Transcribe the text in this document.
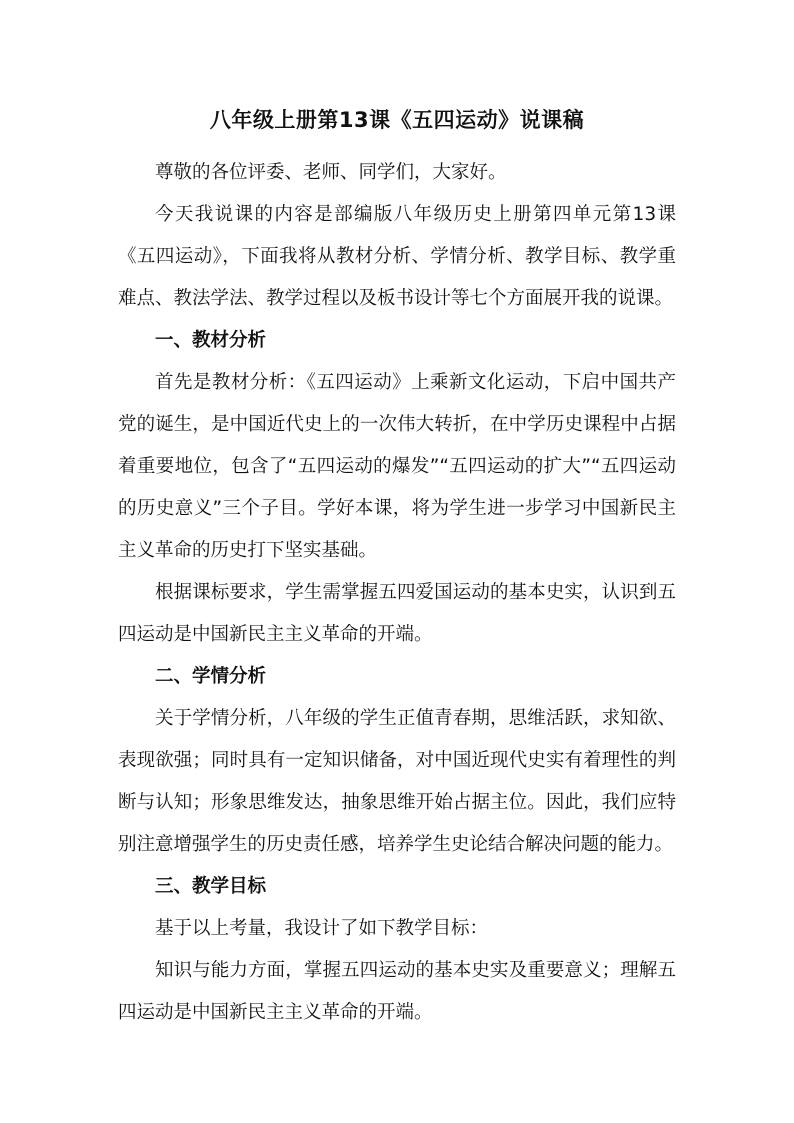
八年级上册第13课《五四运动》说课稿

尊敬的各位评委、老师、同学们，大家好。

今天我说课的内容是部编版八年级历史上册第四单元第13课《五四运动》，下面我将从教材分析、学情分析、教学目标、教学重难点、教法学法、教学过程以及板书设计等七个方面展开我的说课。

一、教材分析

首先是教材分析：《五四运动》上乘新文化运动，下启中国共产党的诞生，是中国近代史上的一次伟大转折，在中学历史课程中占据着重要地位，包含了“五四运动的爆发”“五四运动的扩大”“五四运动的历史意义”三个子目。学好本课，将为学生进一步学习中国新民主主义革命的历史打下坚实基础。

根据课标要求，学生需掌握五四爱国运动的基本史实，认识到五四运动是中国新民主主义革命的开端。

二、学情分析

关于学情分析，八年级的学生正值青春期，思维活跃，求知欲、表现欲强；同时具有一定知识储备，对中国近现代史实有着理性的判断与认知；形象思维发达，抽象思维开始占据主位。因此，我们应特别注意增强学生的历史责任感，培养学生史论结合解决问题的能力。

三、教学目标

基于以上考量，我设计了如下教学目标：

知识与能力方面，掌握五四运动的基本史实及重要意义；理解五四运动是中国新民主主义革命的开端。
